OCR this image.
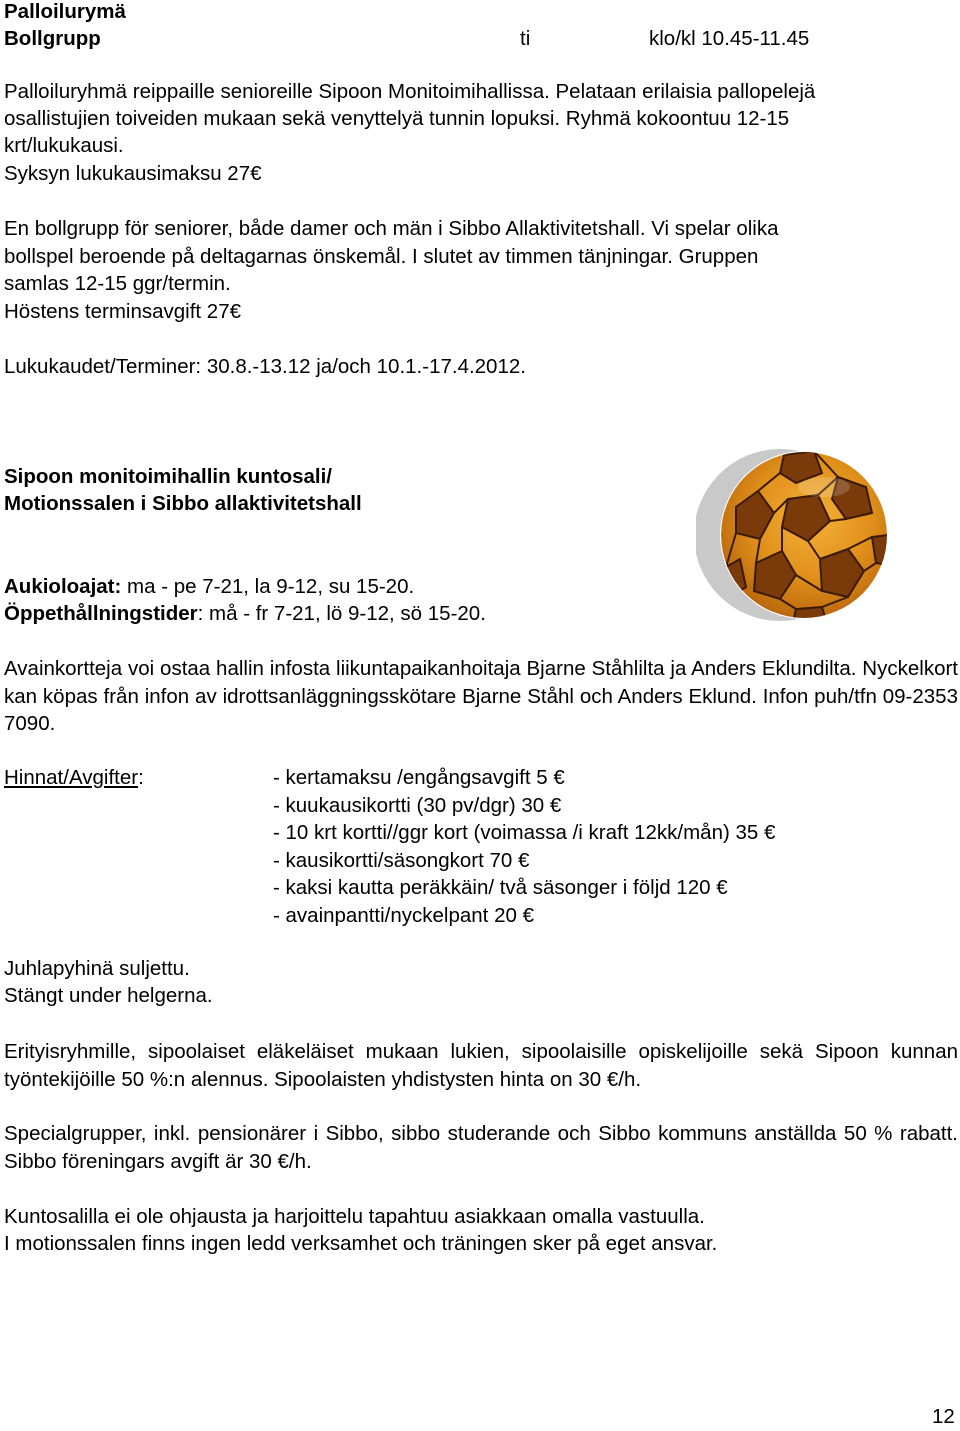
Palloilurymä
Bollgrupp	ti	klo/kl 10.45-11.45
Palloiluryhmä reippaille senioreille Sipoon Monitoimihallissa. Pelataan erilaisia pallopelejä
osallistujien toiveiden mukaan sekä venyttelyä tunnin lopuksi. Ryhmä kokoontuu 12-15
krt/lukukausi.
Syksyn lukukausimaksu 27€
En bollgrupp för seniorer, både damer och män i Sibbo Allaktivitetshall. Vi spelar olika
bollspel beroende på deltagarnas önskemål. I slutet av timmen tänjningar. Gruppen
samlas 12-15 ggr/termin.
Höstens terminsavgift 27€
Lukukaudet/Terminer: 30.8.-13.12 ja/och 10.1.-17.4.2012.
Sipoon monitoimihallin kuntosali/
Motionssalen i Sibbo allaktivitetshall
Aukioloajat: ma - pe 7-21, la 9-12, su 15-20.
Öppethållningstider: må - fr 7-21, lö 9-12, sö 15-20.
Avainkortteja voi ostaa hallin infosta liikuntapaikanhoitaja Bjarne Ståhlilta ja Anders Eklundilta. Nyckelkort kan köpas från infon av idrottsanläggningsskötare Bjarne Ståhl och Anders Eklund. Infon puh/tfn 09-2353 7090.
Hinnat/Avgifter:	- kertamaksu /engångsavgift 5 €
- kuukausikortti (30 pv/dgr) 30 €
- 10 krt kortti//ggr kort (voimassa /i kraft 12kk/mån) 35 €
- kausikortti/säsongkort 70 €
- kaksi kautta peräkkäin/ två säsonger i följd 120 €
- avainpantti/nyckelpant 20 €
Juhlapyhinä suljettu.
Stängt under helgerna.
Erityisryhmille, sipoolaiset eläkeläiset mukaan lukien, sipoolaisille opiskelijoille sekä Sipoon kunnan työntekijöille 50 %:n alennus. Sipoolaisten yhdistysten hinta on 30 €/h.
Specialgrupper, inkl. pensionärer i Sibbo, sibbo studerande och Sibbo kommuns anställda 50 % rabatt. Sibbo föreningars avgift är 30 €/h.
Kuntosalilla ei ole ohjausta ja harjoittelu tapahtuu asiakkaan omalla vastuulla.
I motionssalen finns ingen ledd verksamhet och träningen sker på eget ansvar.
12
